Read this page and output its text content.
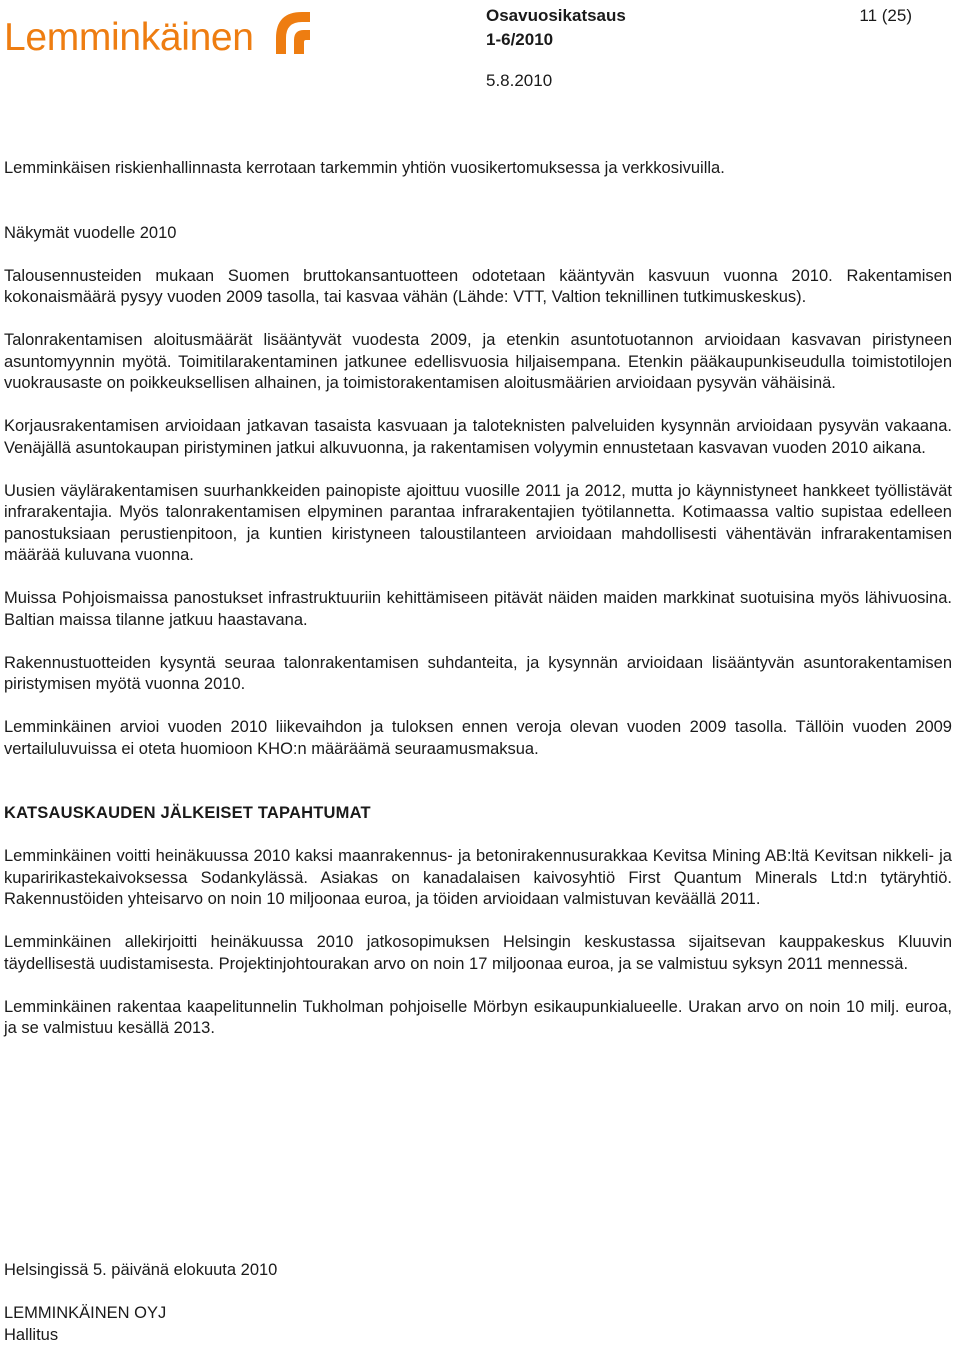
Lemminkäinen
Osavuosikatsaus
1-6/2010
11 (25)
5.8.2010

Lemminkäisen riskienhallinnasta kerrotaan tarkemmin yhtiön vuosikertomuksessa ja verkkosivuilla.

Näkymät vuodelle 2010

Talousennusteiden mukaan Suomen bruttokansantuotteen odotetaan kääntyvän kasvuun vuonna 2010. Rakentamisen kokonaismäärä pysyy vuoden 2009 tasolla, tai kasvaa vähän (Lähde: VTT, Valtion teknillinen tutkimuskeskus).

Talonrakentamisen aloitusmäärät lisääntyvät vuodesta 2009, ja etenkin asuntotuotannon arvioidaan kasvavan piristyneen asuntomyynnin myötä. Toimitilarakentaminen jatkunee edellisvuosia hiljaisempana. Etenkin pääkaupunkiseudulla toimistotilojen vuokrausaste on poikkeuksellisen alhainen, ja toimistorakentamisen aloitusmäärien arvioidaan pysyvän vähäisinä.

Korjausrakentamisen arvioidaan jatkavan tasaista kasvuaan ja taloteknisten palveluiden kysynnän arvioidaan pysyvän vakaana. Venäjällä asuntokaupan piristyminen jatkui alkuvuonna, ja rakentamisen volyymin ennustetaan kasvavan vuoden 2010 aikana.

Uusien väylärakentamisen suurhankkeiden painopiste ajoittuu vuosille 2011 ja 2012, mutta jo käynnistyneet hankkeet työllistävät infrarakentajia. Myös talonrakentamisen elpyminen parantaa infrarakentajien työtilannetta. Kotimaassa valtio supistaa edelleen panostuksiaan perustienpitoon, ja kuntien kiristyneen taloustilanteen arvioidaan mahdollisesti vähentävän infrarakentamisen määrää kuluvana vuonna.

Muissa Pohjoismaissa panostukset infrastruktuuriin kehittämiseen pitävät näiden maiden markkinat suotuisina myös lähivuosina. Baltian maissa tilanne jatkuu haastavana.

Rakennustuotteiden kysyntä seuraa talonrakentamisen suhdanteita, ja kysynnän arvioidaan lisääntyvän asuntorakentamisen piristymisen myötä vuonna 2010.

Lemminkäinen arvioi vuoden 2010 liikevaihdon ja tuloksen ennen veroja olevan vuoden 2009 tasolla. Tällöin vuoden 2009 vertailuluvuissa ei oteta huomioon KHO:n määräämä seuraamusmaksua.

KATSAUSKAUDEN JÄLKEISET TAPAHTUMAT

Lemminkäinen voitti heinäkuussa 2010 kaksi maanrakennus- ja betonirakennusurakkaa Kevitsa Mining AB:ltä Kevitsan nikkeli- ja kuparirikastekaivoksessa Sodankylässä. Asiakas on kanadalaisen kaivosyhtiö First Quantum Minerals Ltd:n tytäryhtiö. Rakennustöiden yhteisarvo on noin 10 miljoonaa euroa, ja töiden arvioidaan valmistuvan keväällä 2011.

Lemminkäinen allekirjoitti heinäkuussa 2010 jatkosopimuksen Helsingin keskustassa sijaitsevan kauppakeskus Kluuvin täydellisestä uudistamisesta. Projektinjohtourakan arvo on noin 17 miljoonaa euroa, ja se valmistuu syksyn 2011 mennessä.

Lemminkäinen rakentaa kaapelitunnelin Tukholman pohjoiselle Mörbyn esikaupunkialueelle. Urakan arvo on noin 10 milj. euroa, ja se valmistuu kesällä 2013.

Helsingissä 5. päivänä elokuuta 2010
LEMMINKÄINEN OYJ
Hallitus
